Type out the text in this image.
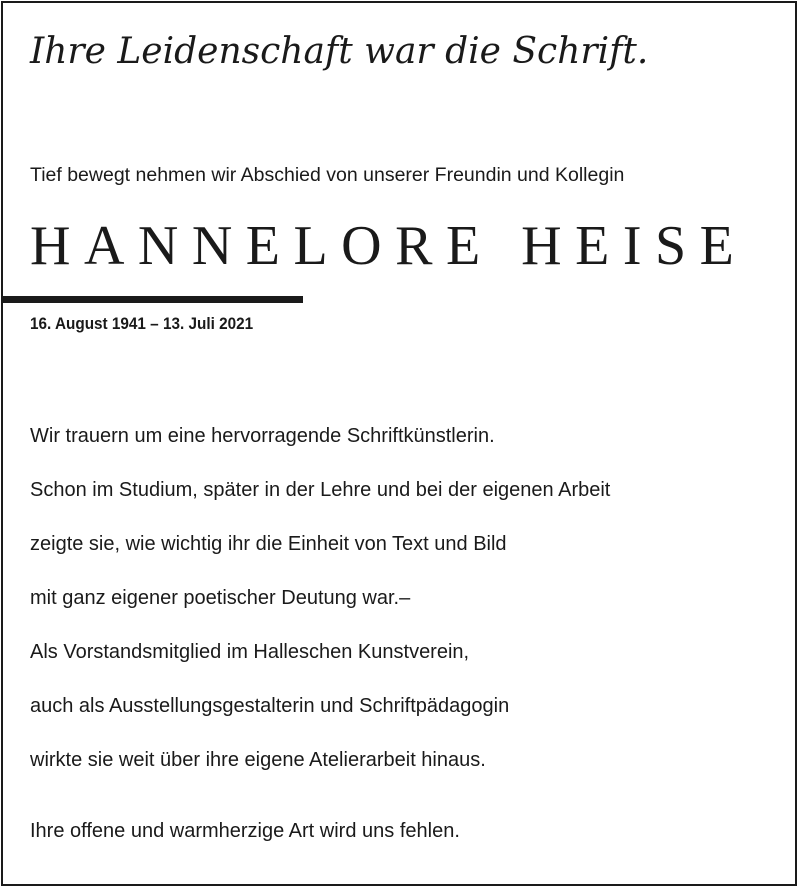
Ihre Leidenschaft war die Schrift.
Tief bewegt nehmen wir Abschied von unserer Freundin und Kollegin
HANNELORE HEISE
16. August 1941 – 13. Juli 2021
Wir trauern um eine hervorragende Schriftkünstlerin.
Schon im Studium, später in der Lehre und bei der eigenen Arbeit
zeigte sie, wie wichtig ihr die Einheit von Text und Bild
mit ganz eigener poetischer Deutung war.–
Als Vorstandsmitglied im Halleschen Kunstverein,
auch als Ausstellungsgestalterin und Schriftpädagogin
wirkte sie weit über ihre eigene Atelierarbeit hinaus.
Ihre offene und warmherzige Art wird uns fehlen.
